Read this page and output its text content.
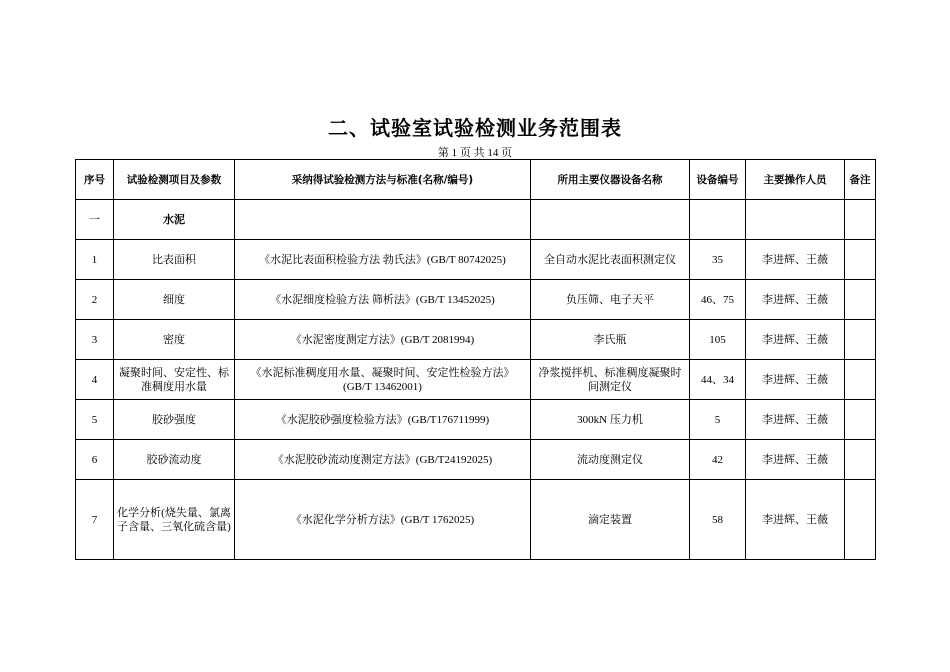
二、试验室试验检测业务范围表
第 1 页 共 14 页
序号	试验检测项目及参数	采纳得试验检测方法与标准(名称/编号)	所用主要仪器设备名称	设备编号	主要操作人员	备注
一	水泥					
1	比表面积	《水泥比表面积检验方法 勃氏法》(GB/T 80742025)	全自动水泥比表面积测定仪	35	李进辉、王薇	
2	细度	《水泥细度检验方法 筛析法》(GB/T 13452025)	负压筛、电子天平	46、75	李进辉、王薇	
3	密度	《水泥密度测定方法》(GB/T 2081994)	李氏瓶	105	李进辉、王薇	
4	凝聚时间、安定性、标准稠度用水量	《水泥标准稠度用水量、凝聚时间、安定性检验方法》(GB/T 13462001)	净浆搅拌机、标准稠度凝聚时间测定仪	44、34	李进辉、王薇	
5	胶砂强度	《水泥胶砂强度检验方法》(GB/T176711999)	300kN 压力机	5	李进辉、王薇	
6	胶砂流动度	《水泥胶砂流动度测定方法》(GB/T24192025)	流动度测定仪	42	李进辉、王薇	
7	化学分析(烧失量、氯离子含量、三氧化硫含量)	《水泥化学分析方法》(GB/T 1762025)	滴定装置	58	李进辉、王薇	
